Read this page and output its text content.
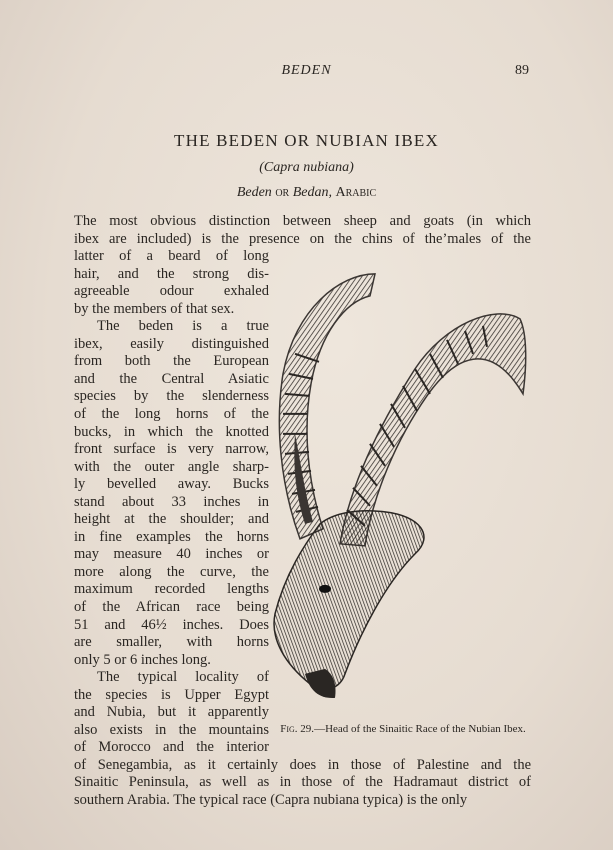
BEDEN	89
THE BEDEN OR NUBIAN IBEX
(Capra nubiana)
Beden or Bedan, Arabic
The most obvious distinction between sheep and goats (in which
ibex are included) is the presence on the chins of the’males of the
latter of a beard of long
hair, and the strong dis-
agreeable odour exhaled
by the members of that sex.
The beden is a true
ibex, easily distinguished
from both the European
and the Central Asiatic
species by the slenderness
of the long horns of the
bucks, in which the knotted
front surface is very narrow,
with the outer angle sharp-
ly bevelled away. Bucks
stand about 33 inches in
height at the shoulder; and
in fine examples the horns
may measure 40 inches or
more along the curve, the
maximum recorded lengths
of the African race being
51 and 46½ inches. Does
are smaller, with horns
only 5 or 6 inches long.
The typical locality of
the species is Upper Egypt
and Nubia, but it apparently
also exists in the mountains
of Morocco and the interior
of Senegambia, as it certainly does in those of Palestine and the
Sinaitic Peninsula, as well as in those of the Hadramaut district of
southern Arabia. The typical race (Capra nubiana typica) is the only
Fig. 29.—Head of the Sinaitic Race of the Nubian Ibex.
